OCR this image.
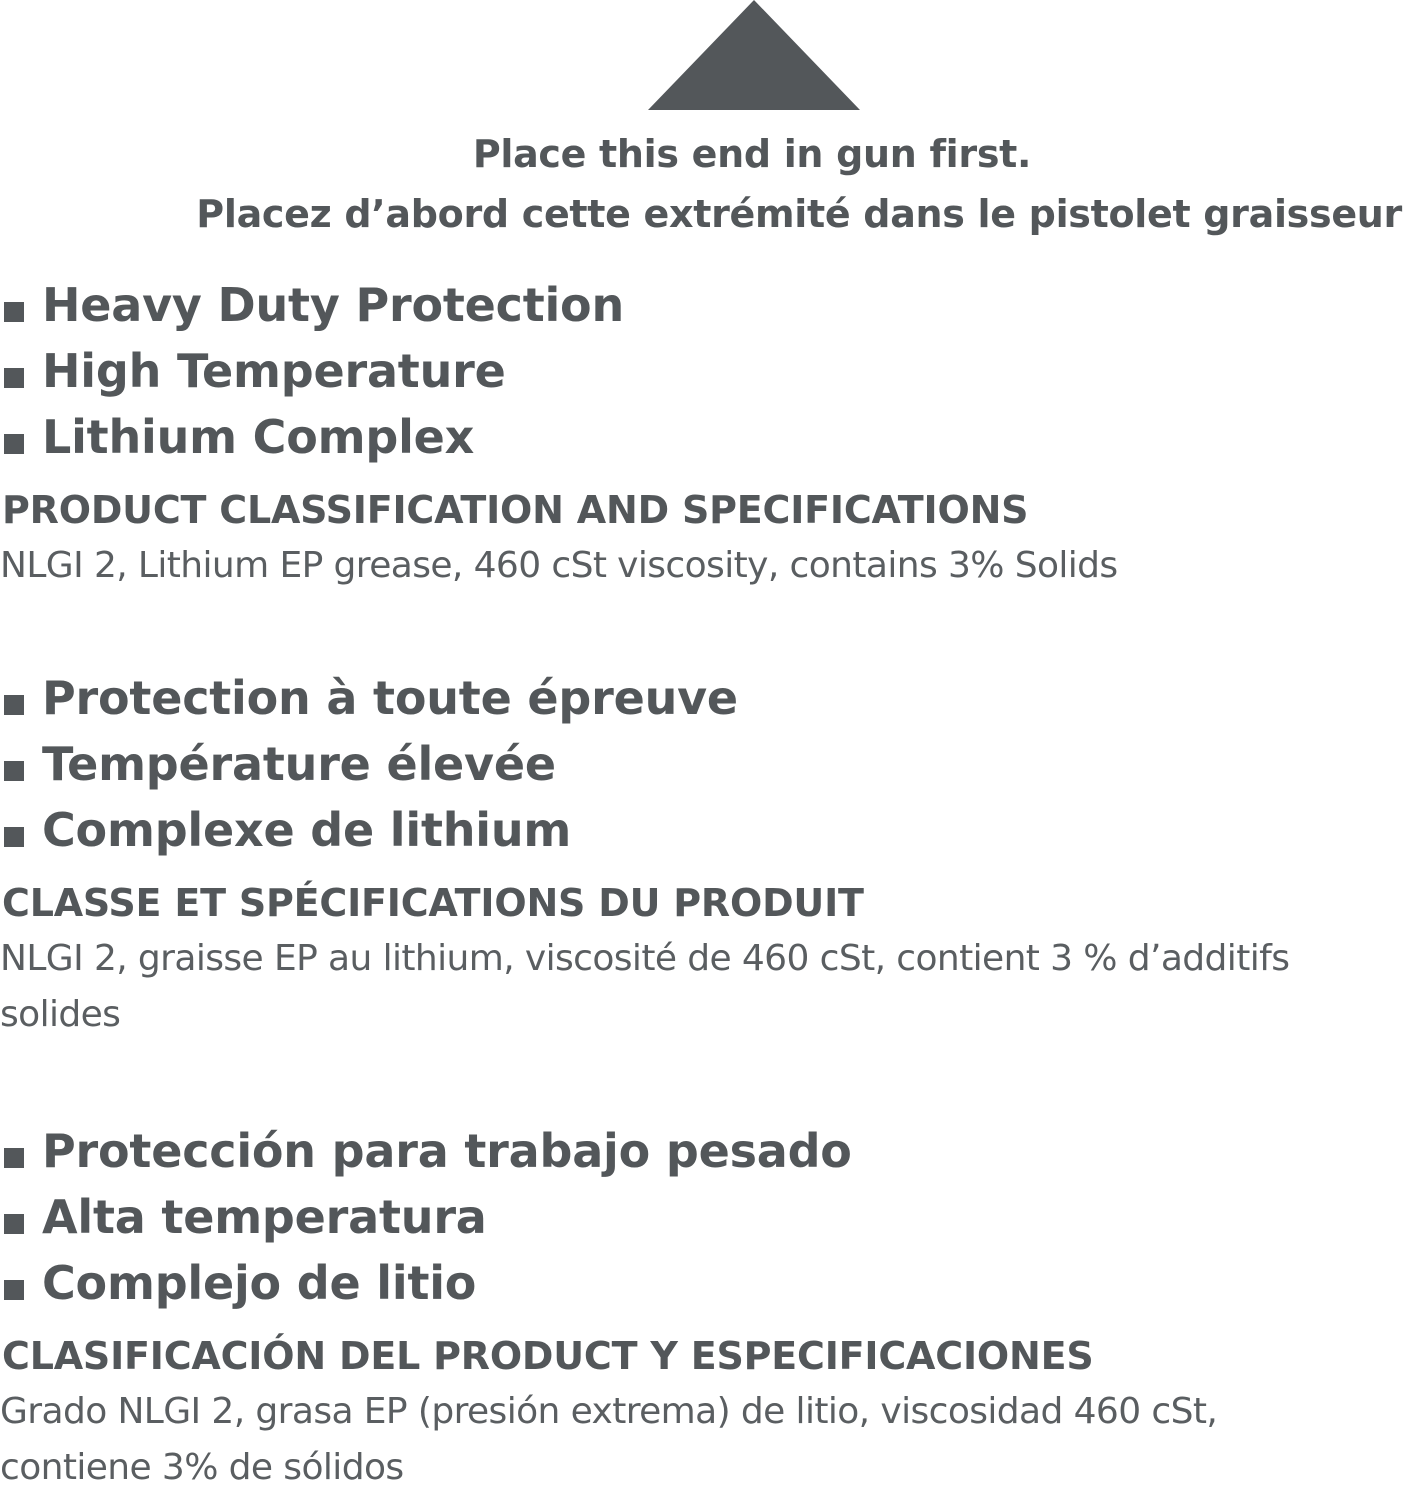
Place this end in gun first.
Placez d’abord cette extrémité dans le pistolet graisseur
Heavy Duty Protection
High Temperature
Lithium Complex
PRODUCT CLASSIFICATION AND SPECIFICATIONS
NLGI 2, Lithium EP grease, 460 cSt viscosity, contains 3% Solids
Protection à toute épreuve
Température élevée
Complexe de lithium
CLASSE ET SPÉCIFICATIONS DU PRODUIT
NLGI 2, graisse EP au lithium, viscosité de 460 cSt, contient 3 % d’additifs solides
Protección para trabajo pesado
Alta temperatura
Complejo de litio
CLASIFICACIÓN DEL PRODUCT Y ESPECIFICACIONES
Grado NLGI 2, grasa EP (presión extrema) de litio, viscosidad 460 cSt, contiene 3% de sólidos
